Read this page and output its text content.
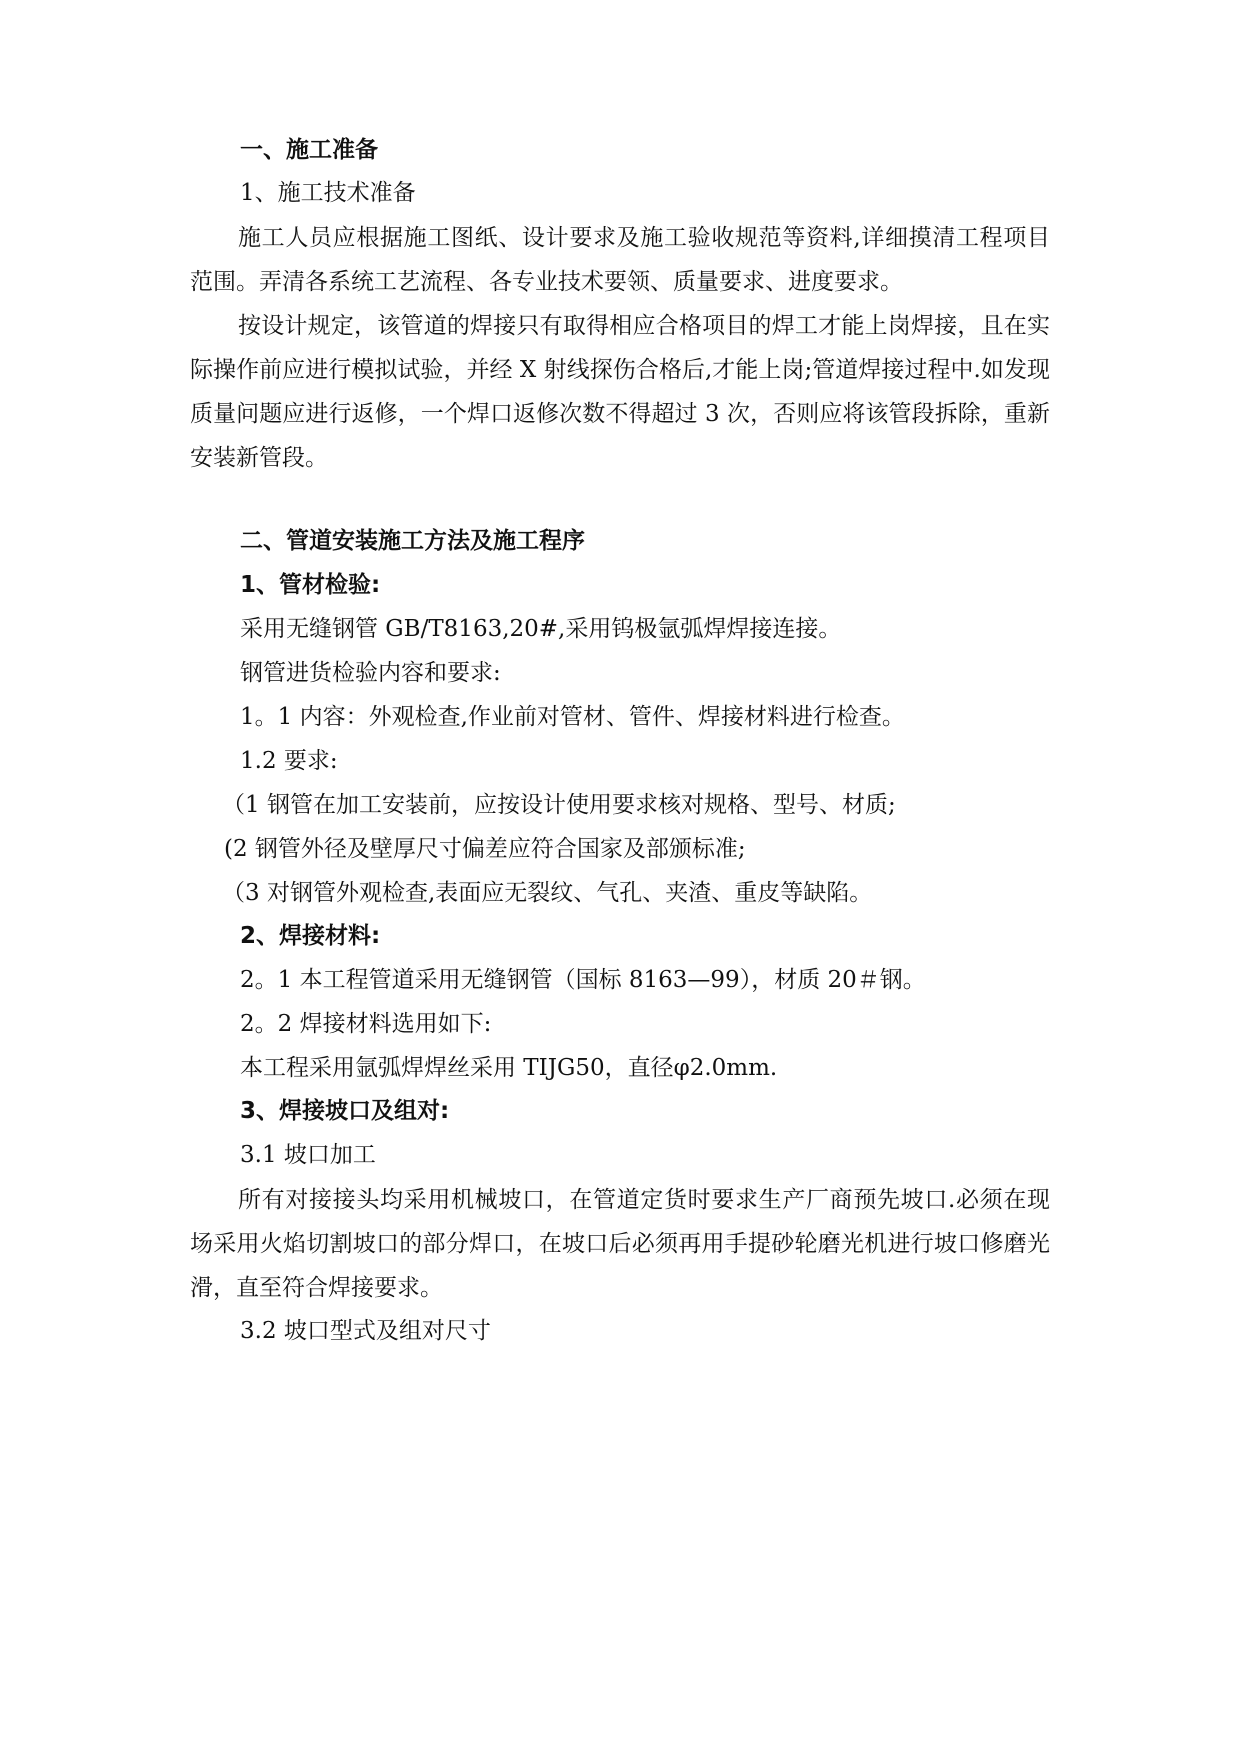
一、施工准备
1、施工技术准备

施工人员应根据施工图纸、设计要求及施工验收规范等资料,详细摸清工程项目范围。弄清各系统工艺流程、各专业技术要领、质量要求、进度要求。

按设计规定，该管道的焊接只有取得相应合格项目的焊工才能上岗焊接，且在实际操作前应进行模拟试验，并经 X 射线探伤合格后,才能上岗;管道焊接过程中.如发现质量问题应进行返修，一个焊口返修次数不得超过 3 次，否则应将该管段拆除，重新安装新管段。

二、管道安装施工方法及施工程序
1、管材检验:
采用无缝钢管 GB/T8163,20#,采用钨极氩弧焊焊接连接。
钢管进货检验内容和要求:
1。1 内容：外观检查,作业前对管材、管件、焊接材料进行检查。
1.2 要求:
（1 钢管在加工安装前，应按设计使用要求核对规格、型号、材质;
(2 钢管外径及壁厚尺寸偏差应符合国家及部颁标准;
（3 对钢管外观检查,表面应无裂纹、气孔、夹渣、重皮等缺陷。
2、焊接材料:
2。1 本工程管道采用无缝钢管（国标 8163—99），材质 20＃钢。
2。2 焊接材料选用如下:
本工程采用氩弧焊焊丝采用 TIJG50，直径φ2.0mm.
3、焊接坡口及组对:
3.1 坡口加工

所有对接接头均采用机械坡口，在管道定货时要求生产厂商预先坡口.必须在现场采用火焰切割坡口的部分焊口，在坡口后必须再用手提砂轮磨光机进行坡口修磨光滑，直至符合焊接要求。

3.2 坡口型式及组对尺寸
